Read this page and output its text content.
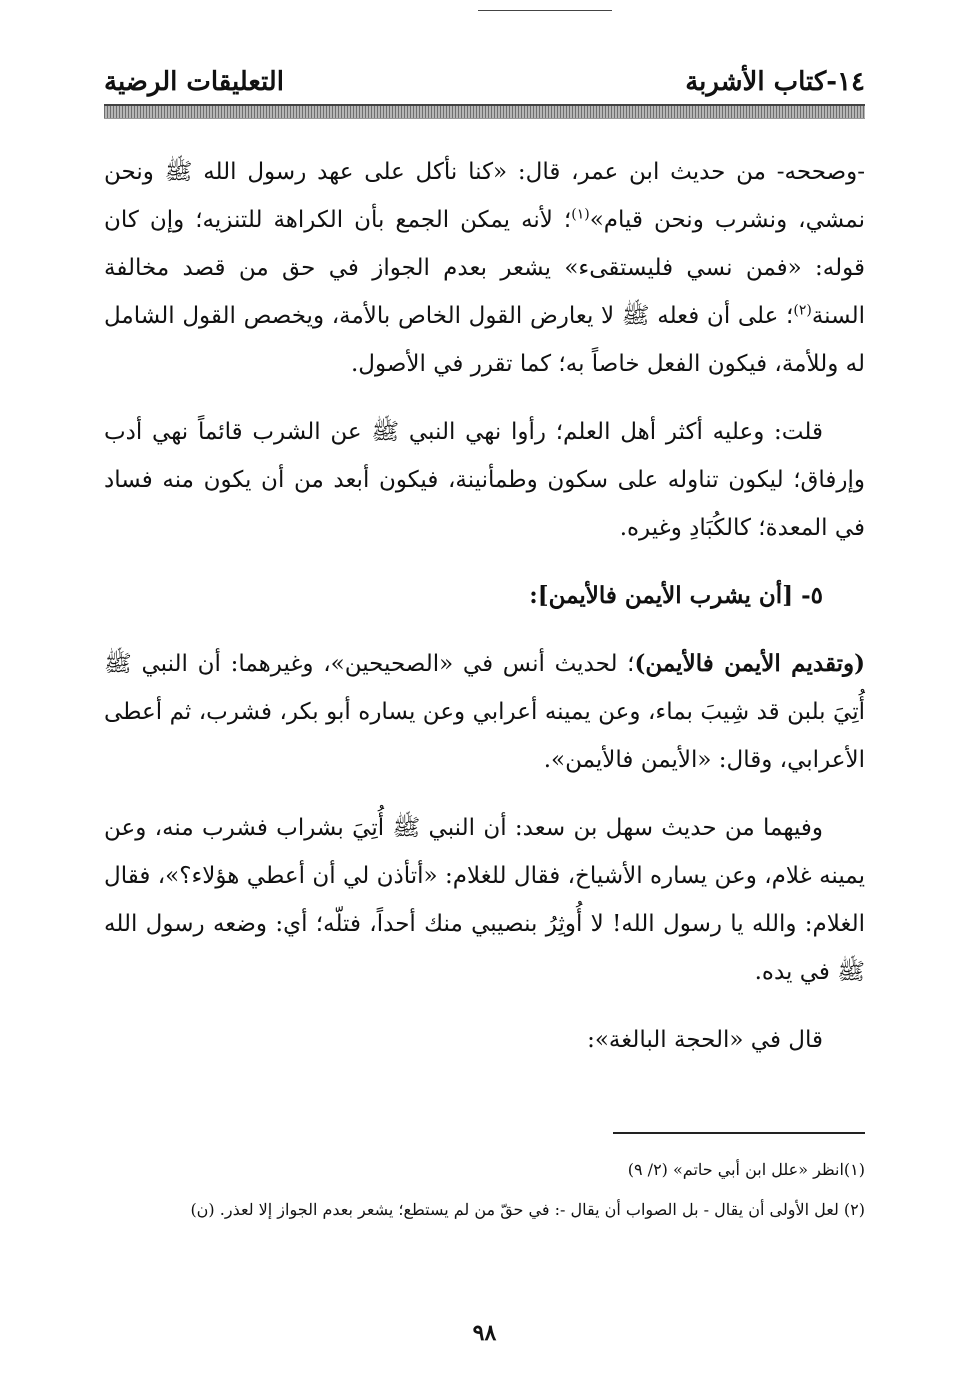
١٤-كتاب الأشربة
التعليقات الرضية

-وصححه- من حديث ابن عمر، قال: «كنا نأكل على عهد رسول الله ﷺ ونحن نمشي، ونشرب ونحن قيام»$^{(١)}$؛ لأنه يمكن الجمع بأن الكراهة للتنزيه؛ وإن كان قوله: «فمن نسي فليستقىء» يشعر بعدم الجواز في حق من قصد مخالفة السنة$^{(٢)}$؛ على أن فعله ﷺ لا يعارض القول الخاص بالأمة، ويخصص القول الشامل له وللأمة، فيكون الفعل خاصاً به؛ كما تقرر في الأصول.

قلت: وعليه أكثر أهل العلم؛ رأوا نهي النبي ﷺ عن الشرب قائماً نهي أدب وإرفاق؛ ليكون تناوله على سكون وطمأنينة، فيكون أبعد من أن يكون منه فساد في المعدة؛ كالكُبَادِ وغيره.

٥- [أن يشرب الأيمن فالأيمن]:

(وتقديم الأيمن فالأيمن)؛ لحديث أنس في «الصحيحين»، وغيرهما: أن النبي ﷺ أُتِيَ بلبن قد شِيبَ بماء، وعن يمينه أعرابي وعن يساره أبو بكر، فشرب، ثم أعطى الأعرابي، وقال: «الأيمن فالأيمن».

وفيهما من حديث سهل بن سعد: أن النبي ﷺ أُتِيَ بشراب فشرب منه، وعن يمينه غلام، وعن يساره الأشياخ، فقال للغلام: «أتأذن لي أن أعطي هؤلاء؟»، فقال الغلام: والله يا رسول الله! لا أُوثِرُ بنصيبي منك أحداً، فتلّه؛ أي: وضعه رسول الله ﷺ في يده.

قال في «الحجة البالغة»:

(١)انظر «علل ابن أبي حاتم» (٢/ ٩)

(٢) لعل الأولى أن يقال - بل الصواب أن يقال -: في حقّ من لم يستطع؛ يشعر بعدم الجواز إلا لعذر. (ن)

٩٨
